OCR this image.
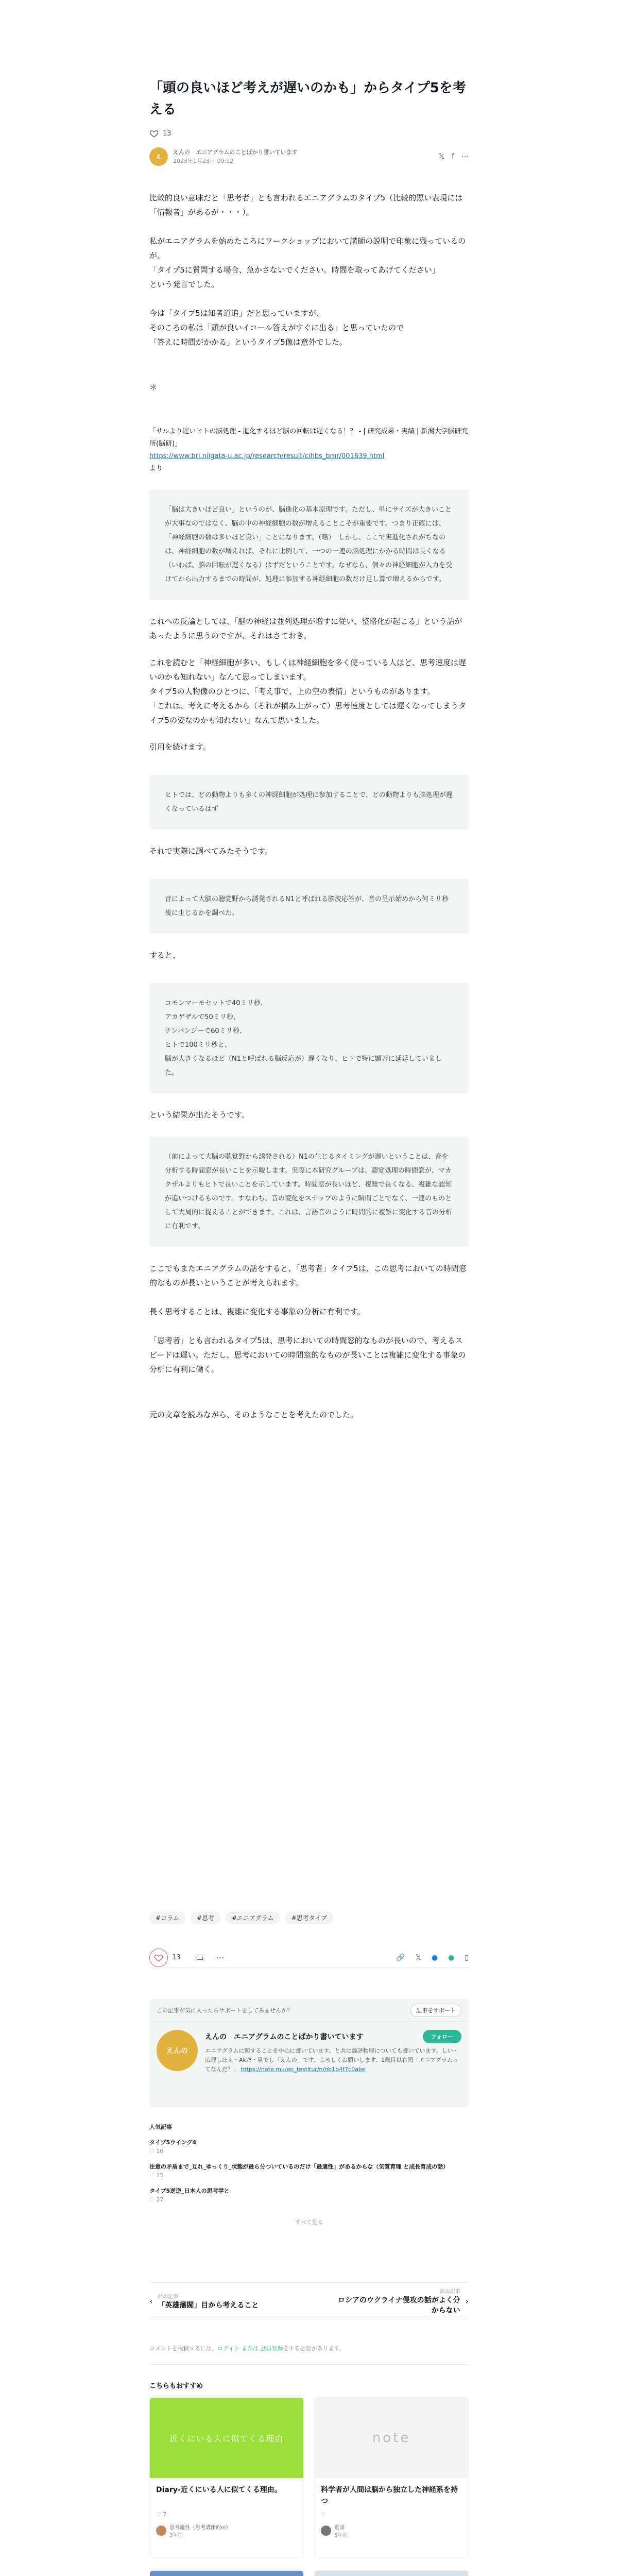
「頭の良いほど考えが遅いのかも」からタイプ5を考える
13
え
えんの　エニアグラムのことばかり書いています
2023年1月23日 09:12
𝕏 f ⋯
比較的良い意味だと「思考者」とも言われるエニアグラムのタイプ5（比較的悪い表現には「情報者」があるが・・・）。
私がエニアグラムを始めたころにワークショップにおいて講師の説明で印象に残っているのが、
「タイプ5に質問する場合、急かさないでください。時間を取ってあげてください」
という発言でした。
今は「タイプ5は知者道追」だと思っていますが、
そのころの私は「頭が良いイコール答えがすぐに出る」と思っていたので
「答えに時間がかかる」というタイプ5像は意外でした。
＊
「サルより遅いヒトの脳処理 - 進化するほど脳の回転は遅くなる！？ - | 研究成果・実績 | 新潟大学脳研究所(脳研)」
https://www.bri.niigata-u.ac.jp/research/result/cihbs_bmr/001639.html
より
「脳は大きいほど良い」というのが、脳進化の基本原理です。ただし、単にサイズが大きいことが大事なのではなく、脳の中の神経細胞の数が増えることこそが重要です。つまり正確には、「神経細胞の数は多いほど良い」ことになります。（略）　しかし、ここで実進化されがちなのは、神経細胞の数が増えれば、それに比例して、一つの一連の脳処理にかかる時間は長くなる（いわば、脳の回転が遅くなる）はずだということです。なぜなら、個々の神経細胞が入力を受けてから出力するまでの時間が、処理に参加する神経細胞の数だけ足し算で増えるからです。
これへの反論としては、「脳の神経は並列処理が増すに従い、整略化が起こる」という話があったように思うのですが、それはさておき。
これを読むと「神経細胞が多い、もしくは神経細胞を多く使っている人ほど、思考速度は遅いのかも知れない」なんて思ってしまいます。
タイプ5の人物像のひとつに、「考え事で、上の空の表情」というものがあります。
「これは、考えに考えるから（それが積み上がって）思考速度としては遅くなってしまうタイプ5の姿なのかも知れない」なんて思いました。
引用を続けます。
ヒトでは、どの動物よりも多くの神経細胞が処理に参加することで、どの動物よりも脳処理が遅くなっているはず
それで実際に調べてみたそうです。
音によって大脳の聴覚野から誘発されるN1と呼ばれる脳波応答が、音の呈示始めから何ミリ秒後に生じるかを調べた。
すると、
コモンマーモセットで40ミリ秒、
アカゲザルで50ミリ秒、
チンパンジーで60ミリ秒、
ヒトで100ミリ秒と、
脳が大きくなるほど（N1と呼ばれる脳反応が）遅くなり、ヒトで特に顕著に延延していました。
という結果が出たそうです。
（前によって大脳の聴覚野から誘発される）N1の生じるタイミングが遅いということは、音を分析する時間窓が長いことを示唆します。実際に本研究グループは、聴覚処理の時間窓が、マカクザルよりもヒトで長いことを示しています。時間窓が長いほど、複雑で長くなる、複雑な認知が追いつけるものです。すなわち、音の変化をスナップのように瞬間ごとでなく、一連のものとして大局的に捉えることができます。これは、言語音のように時間的に複雑に変化する音の分析に有利です。
ここでもまたエニアグラムの話をすると、「思考者」タイプ5は、この思考においての時間窓的なものが長いということが考えられます。
長く思考することは、複雑に変化する事象の分析に有利です。
「思考者」とも言われるタイプ5は、思考においての時間窓的なものが長いので、考えるスピードは遅い。ただし、思考においての時間窓的なものが長いことは複雑に変化する事象の分析に有利に働く。
元の文章を読みながら、そのようなことを考えたのでした。
#コラム	#思考	#エニアグラム	#思考タイプ
13 ▭ ⋯	🔗 𝕏 ● ● ▯
この記事が気に入ったらサポートをしてみませんか？	記事をサポート
えんの
えんの　エニアグラムのことばかり書いています	フォロー
エニアグラムに関することを中心に書いています。と共に論評物理についても書いています。しい・広理しほえ・Akだ・見でし「えんの」です。よろしくお願いします。1歳目以右図「エニアグラムってなんだ？」 https://note.mu/en_testitur/n/nb1b4f7c0abe
人気記事
タイプ5ウイング4
♡ 16
注意の矛盾まで_互れ_ゆっくり_状態が最ら分ついているのだけ「最適性」があるからな（気質育理 と成長育成の話）
♡ 15
タイプ5逆逆_日本人の思考学と
♡ 27
すべて見る
‹ 前の記事
「英雄藩閥」目から考えること
次の記事
ロシアのウクライナ侵攻の話がよく分からない
›
コメントを投稿するには、ログイン または 会員登録をする必要があります。
こちらもおすすめ
近くにいる人に似てくる理由
Diary-近くにいる人に似てくる理由。
♡ 7
思考適性（思考講座的ni）
3年前
note
科学者が人間は脳から独立した神経系を持つ
♡
電話
5年前
